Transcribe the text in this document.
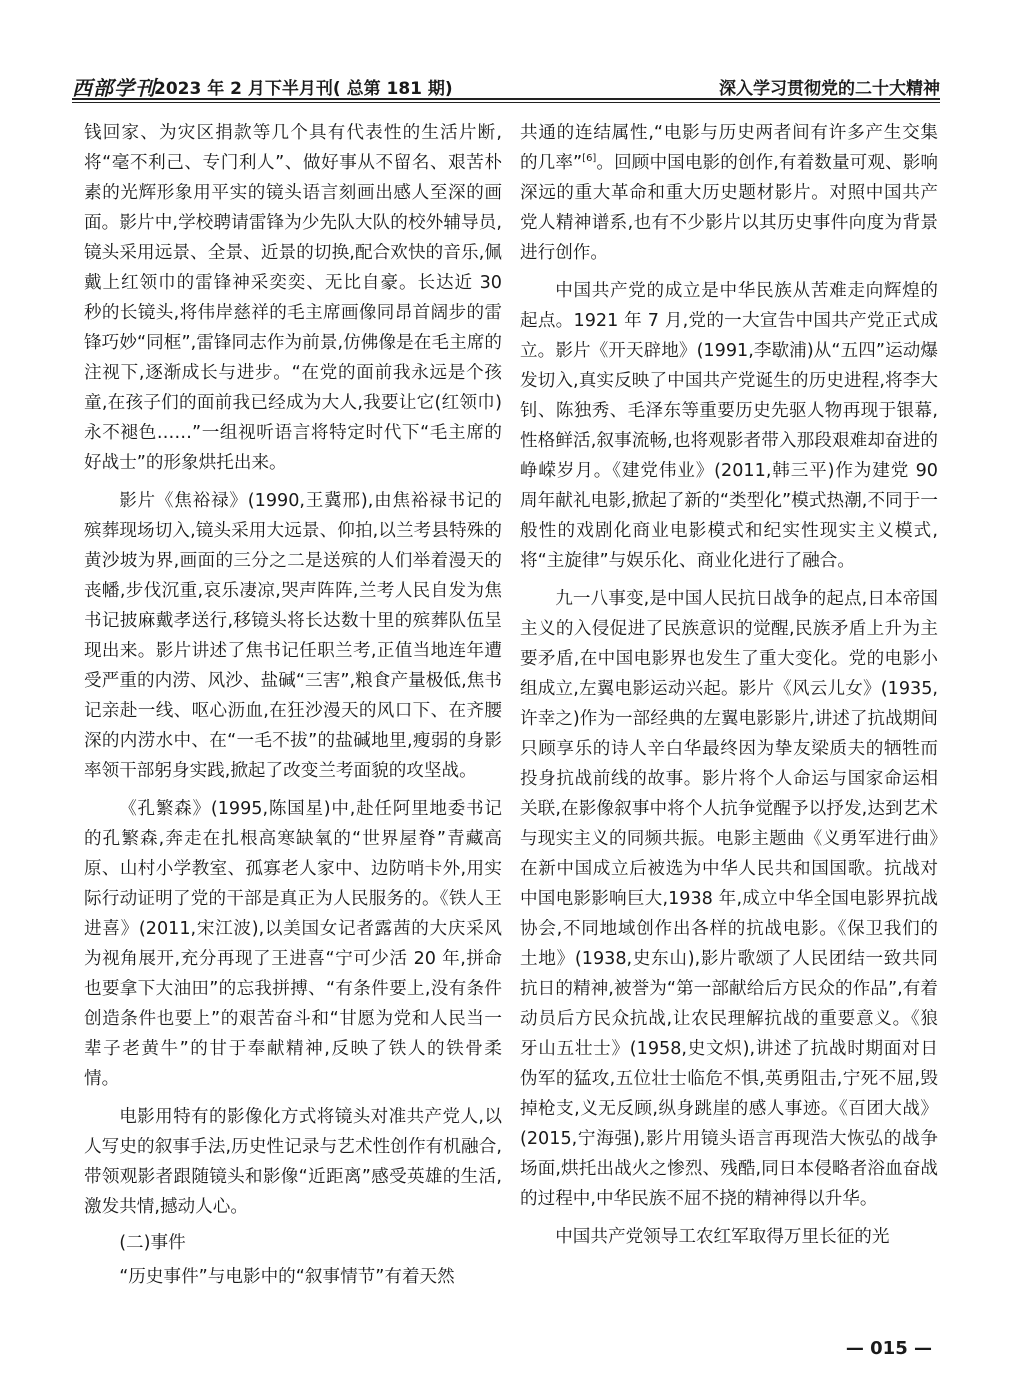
西部学刊
2023 年 2 月下半月刊( 总第 181 期)	深入学习贯彻党的二十大精神

钱回家、为灾区捐款等几个具有代表性的生活片断,将“毫不利己、专门利人”、做好事从不留名、艰苦朴素的光辉形象用平实的镜头语言刻画出感人至深的画面。影片中,学校聘请雷锋为少先队大队的校外辅导员,镜头采用远景、全景、近景的切换,配合欢快的音乐,佩戴上红领巾的雷锋神采奕奕、无比自豪。长达近 30 秒的长镜头,将伟岸慈祥的毛主席画像同昂首阔步的雷锋巧妙“同框”,雷锋同志作为前景,仿佛像是在毛主席的注视下,逐渐成长与进步。“在党的面前我永远是个孩童,在孩子们的面前我已经成为大人,我要让它(红领巾)永不褪色……”一组视听语言将特定时代下“毛主席的好战士”的形象烘托出来。

影片《焦裕禄》(1990,王冀邢),由焦裕禄书记的殡葬现场切入,镜头采用大远景、仰拍,以兰考县特殊的黄沙坡为界,画面的三分之二是送殡的人们举着漫天的丧幡,步伐沉重,哀乐凄凉,哭声阵阵,兰考人民自发为焦书记披麻戴孝送行,移镜头将长达数十里的殡葬队伍呈现出来。影片讲述了焦书记任职兰考,正值当地连年遭受严重的内涝、风沙、盐碱“三害”,粮食产量极低,焦书记亲赴一线、呕心沥血,在狂沙漫天的风口下、在齐腰深的内涝水中、在“一毛不拔”的盐碱地里,瘦弱的身影率领干部躬身实践,掀起了改变兰考面貌的攻坚战。

《孔繁森》(1995,陈国星)中,赴任阿里地委书记的孔繁森,奔走在扎根高寒缺氧的“世界屋脊”青藏高原、山村小学教室、孤寡老人家中、边防哨卡外,用实际行动证明了党的干部是真正为人民服务的。《铁人王进喜》(2011,宋江波),以美国女记者露茜的大庆采风为视角展开,充分再现了王进喜“宁可少活 20 年,拼命也要拿下大油田”的忘我拼搏、“有条件要上,没有条件创造条件也要上”的艰苦奋斗和“甘愿为党和人民当一辈子老黄牛”的甘于奉献精神,反映了铁人的铁骨柔情。

电影用特有的影像化方式将镜头对准共产党人,以人写史的叙事手法,历史性记录与艺术性创作有机融合,带领观影者跟随镜头和影像“近距离”感受英雄的生活,激发共情,撼动人心。

(二)事件

“历史事件”与电影中的“叙事情节”有着天然

共通的连结属性,“电影与历史两者间有许多产生交集的几率”[6]。回顾中国电影的创作,有着数量可观、影响深远的重大革命和重大历史题材影片。对照中国共产党人精神谱系,也有不少影片以其历史事件向度为背景进行创作。

中国共产党的成立是中华民族从苦难走向辉煌的起点。1921 年 7 月,党的一大宣告中国共产党正式成立。影片《开天辟地》(1991,李歇浦)从“五四”运动爆发切入,真实反映了中国共产党诞生的历史进程,将李大钊、陈独秀、毛泽东等重要历史先驱人物再现于银幕,性格鲜活,叙事流畅,也将观影者带入那段艰难却奋进的峥嵘岁月。《建党伟业》(2011,韩三平)作为建党 90 周年献礼电影,掀起了新的“类型化”模式热潮,不同于一般性的戏剧化商业电影模式和纪实性现实主义模式,将“主旋律”与娱乐化、商业化进行了融合。

九一八事变,是中国人民抗日战争的起点,日本帝国主义的入侵促进了民族意识的觉醒,民族矛盾上升为主要矛盾,在中国电影界也发生了重大变化。党的电影小组成立,左翼电影运动兴起。影片《风云儿女》(1935,许幸之)作为一部经典的左翼电影影片,讲述了抗战期间只顾享乐的诗人辛白华最终因为挚友梁质夫的牺牲而投身抗战前线的故事。影片将个人命运与国家命运相关联,在影像叙事中将个人抗争觉醒予以抒发,达到艺术与现实主义的同频共振。电影主题曲《义勇军进行曲》在新中国成立后被选为中华人民共和国国歌。抗战对中国电影影响巨大,1938 年,成立中华全国电影界抗战协会,不同地域创作出各样的抗战电影。《保卫我们的土地》(1938,史东山),影片歌颂了人民团结一致共同抗日的精神,被誉为“第一部献给后方民众的作品”,有着动员后方民众抗战,让农民理解抗战的重要意义。《狼牙山五壮士》(1958,史文炽),讲述了抗战时期面对日伪军的猛攻,五位壮士临危不惧,英勇阻击,宁死不屈,毁掉枪支,义无反顾,纵身跳崖的感人事迹。《百团大战》(2015,宁海强),影片用镜头语言再现浩大恢弘的战争场面,烘托出战火之惨烈、残酷,同日本侵略者浴血奋战的过程中,中华民族不屈不挠的精神得以升华。

中国共产党领导工农红军取得万里长征的光

— 015 —
